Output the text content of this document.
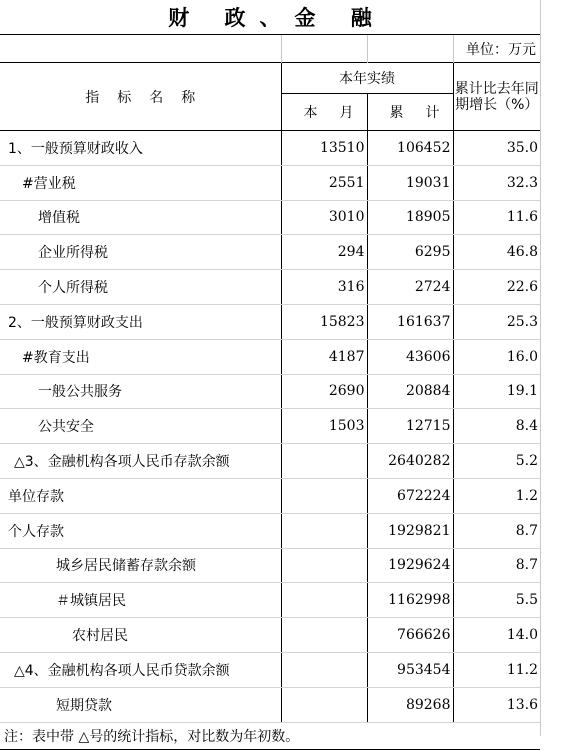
财 政、金 融
			单位：万元
指标名称	本年实绩		累计比去年同期增长（%）
	本月	累计	
1、一般预算财政收入	13510	106452	35.0
#营业税	2551	19031	32.3
增值税	3010	18905	11.6
企业所得税	294	6295	46.8
个人所得税	316	2724	22.6
2、一般预算财政支出	15823	161637	25.3
#教育支出	4187	43606	16.0
一般公共服务	2690	20884	19.1
公共安全	1503	12715	8.4
△3、金融机构各项人民币存款余额		2640282	5.2
单位存款		672224	1.2
个人存款		1929821	8.7
城乡居民储蓄存款余额		1929624	8.7
＃城镇居民		1162998	5.5
农村居民		766626	14.0
△4、金融机构各项人民币贷款余额		953454	11.2
短期贷款		89268	13.6
注：表中带 △号的统计指标，对比数为年初数。			
